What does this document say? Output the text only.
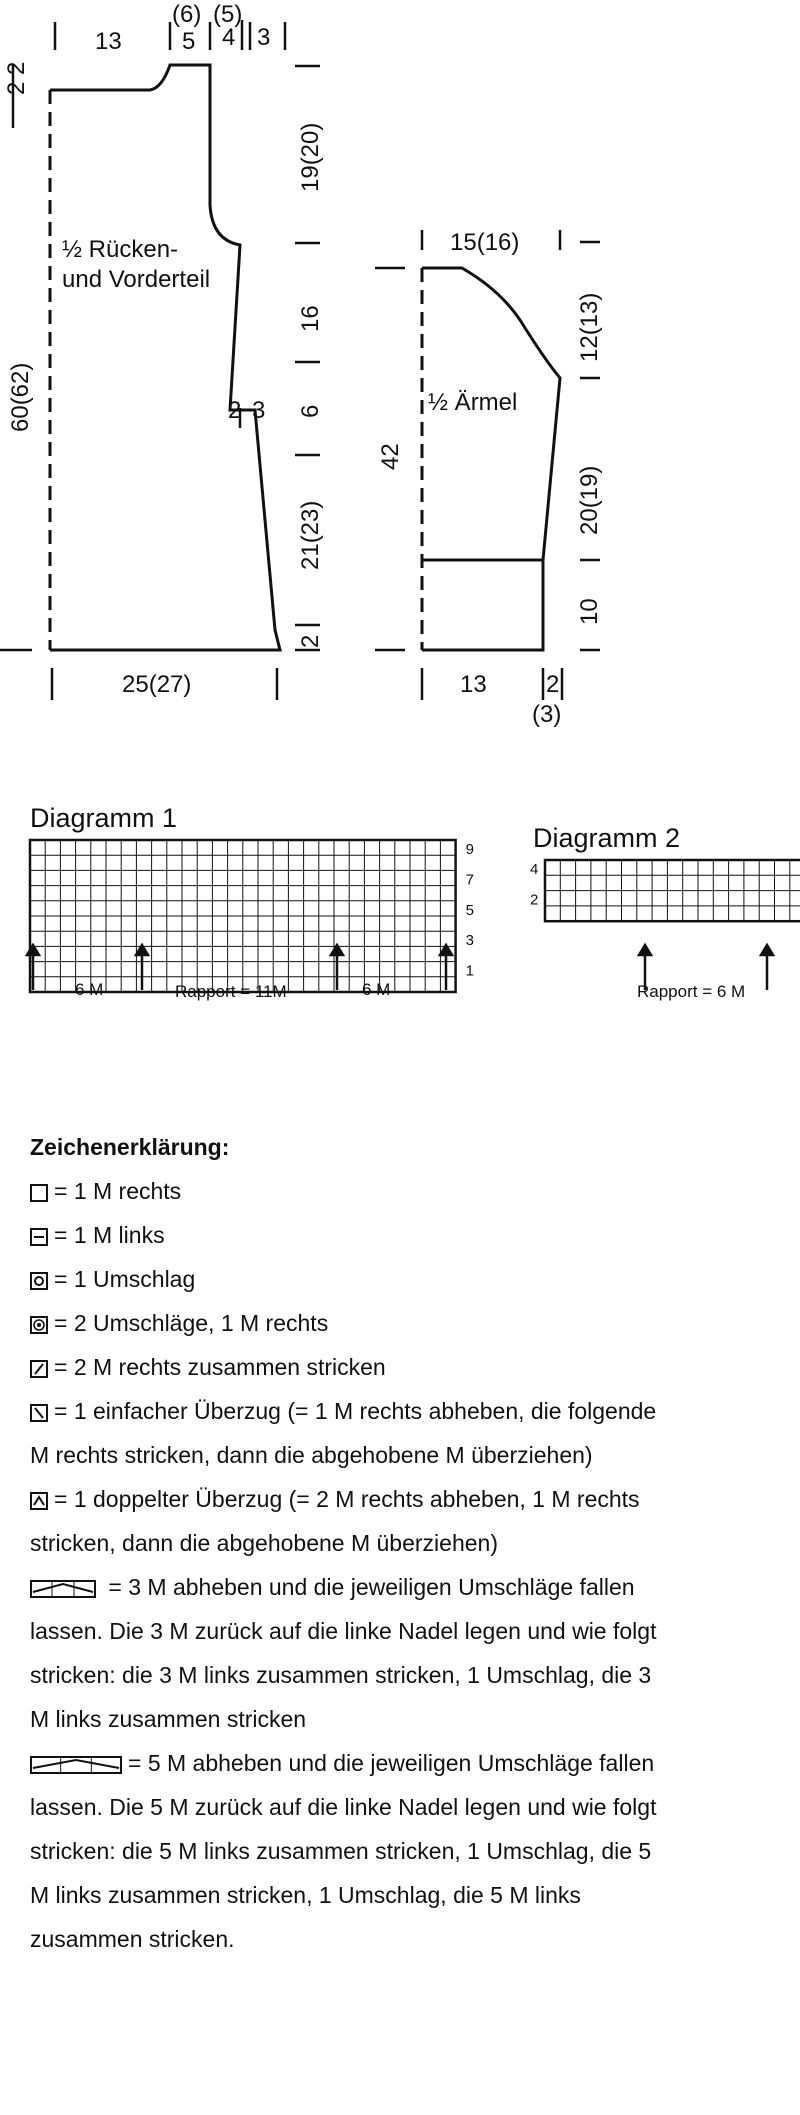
½ Rücken-
und Vorderteil
13
(6) (5)
5 4 3
2
2
60(62)
19(20)
16
6
21(23)
2
2 3
25(27)
½ Ärmel
15(16)
42
12(13)
20(19)
10
13 2
(3)
Diagramm 1
9
7
5
3
1
6 M	Rapport = 11M	6 M
Diagramm 2
4
2
Rapport = 6 M
Zeichenerklärung:
= 1 M rechts
= 1 M links
= 1 Umschlag
= 2 Umschläge, 1 M rechts
= 2 M rechts zusammen stricken
= 1 einfacher Überzug (= 1 M rechts abheben, die folgende M rechts stricken, dann die abgehobene M überziehen)
= 1 doppelter Überzug (= 2 M rechts abheben, 1 M rechts stricken, dann die abgehobene M überziehen)
= 3 M abheben und die jeweiligen Umschläge fallen lassen. Die 3 M zurück auf die linke Nadel legen und wie folgt stricken: die 3 M links zusammen stricken, 1 Umschlag, die 3 M links zusammen stricken
= 5 M abheben und die jeweiligen Umschläge fallen lassen. Die 5 M zurück auf die linke Nadel legen und wie folgt stricken: die 5 M links zusammen stricken, 1 Umschlag, die 5 M links zusammen stricken, 1 Umschlag, die 5 M links zusammen stricken.
